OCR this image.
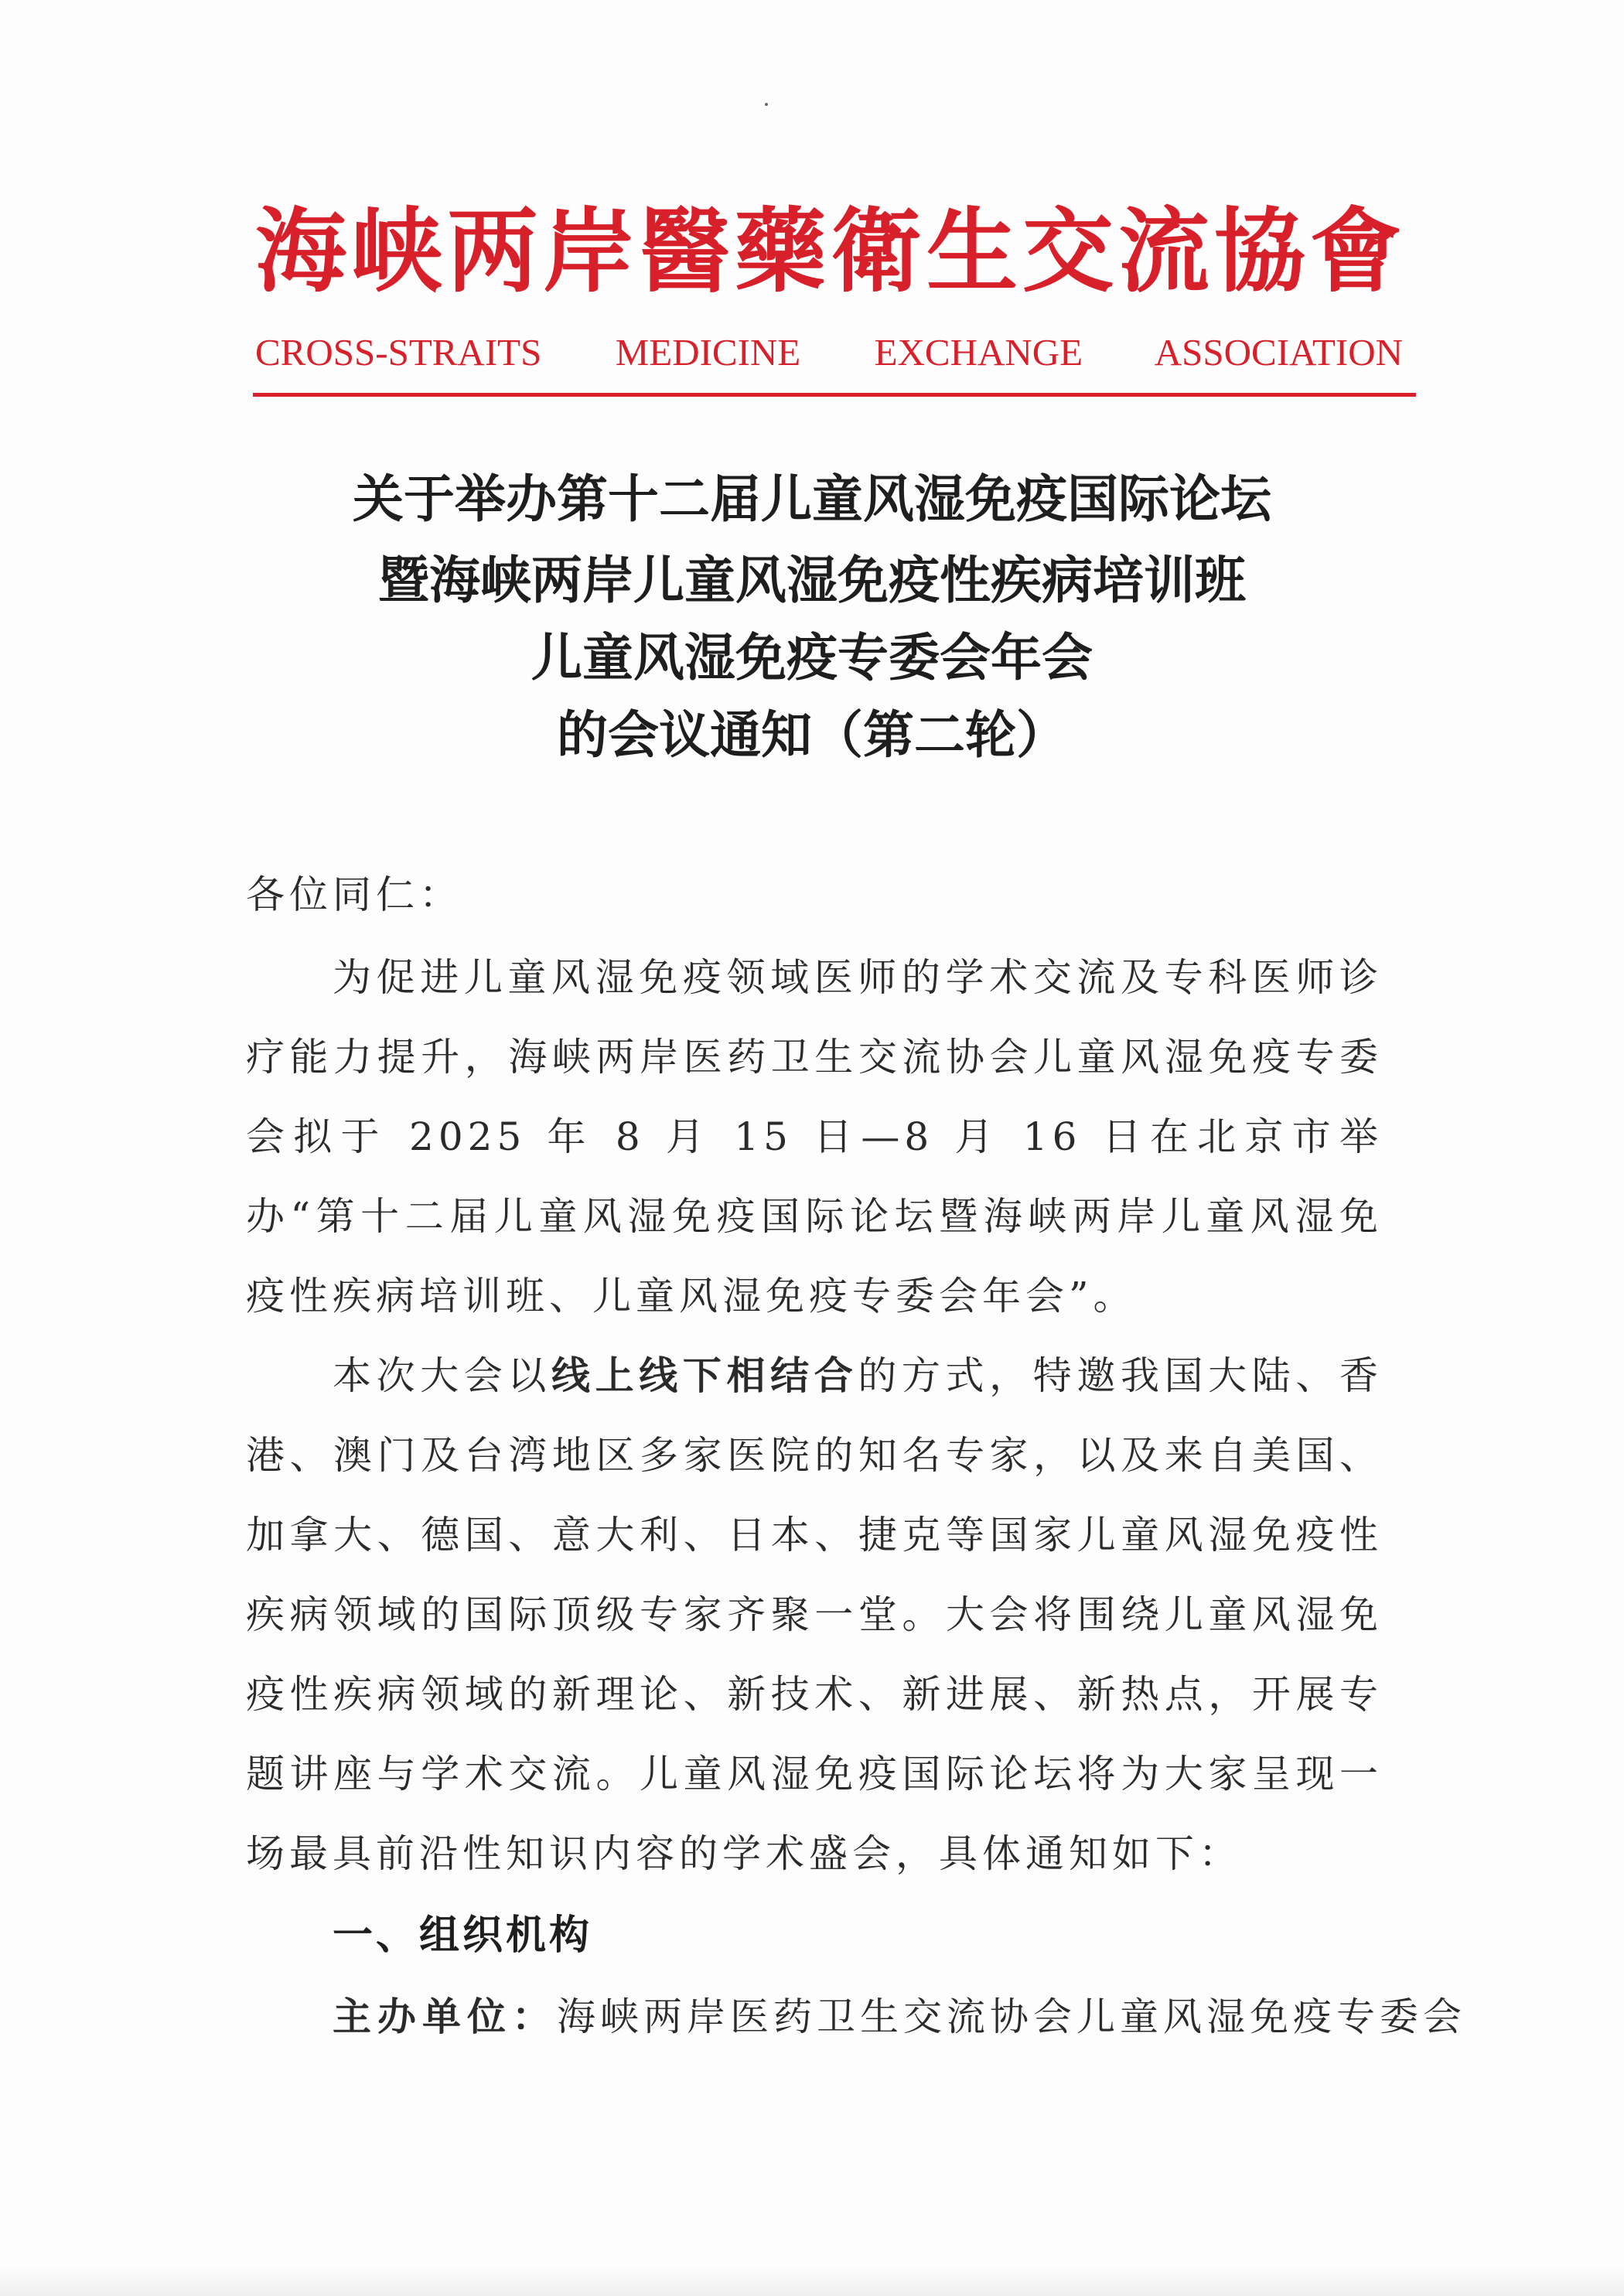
海峡两岸醫藥衛生交流協會
CROSS-STRAITS MEDICINE EXCHANGE ASSOCIATION
关于举办第十二届儿童风湿免疫国际论坛
暨海峡两岸儿童风湿免疫性疾病培训班
儿童风湿免疫专委会年会
的会议通知（第二轮）
各位同仁：
为促进儿童风湿免疫领域医师的学术交流及专科医师诊疗能力提升，海峡两岸医药卫生交流协会儿童风湿免疫专委会拟于 2025 年 8 月 15 日—8 月 16 日在北京市举办“第十二届儿童风湿免疫国际论坛暨海峡两岸儿童风湿免疫性疾病培训班、儿童风湿免疫专委会年会”。
本次大会以线上线下相结合的方式，特邀我国大陆、香港、澳门及台湾地区多家医院的知名专家，以及来自美国、加拿大、德国、意大利、日本、捷克等国家儿童风湿免疫性疾病领域的国际顶级专家齐聚一堂。大会将围绕儿童风湿免疫性疾病领域的新理论、新技术、新进展、新热点，开展专题讲座与学术交流。儿童风湿免疫国际论坛将为大家呈现一场最具前沿性知识内容的学术盛会，具体通知如下：
一、组织机构
主办单位：海峡两岸医药卫生交流协会儿童风湿免疫专委会
